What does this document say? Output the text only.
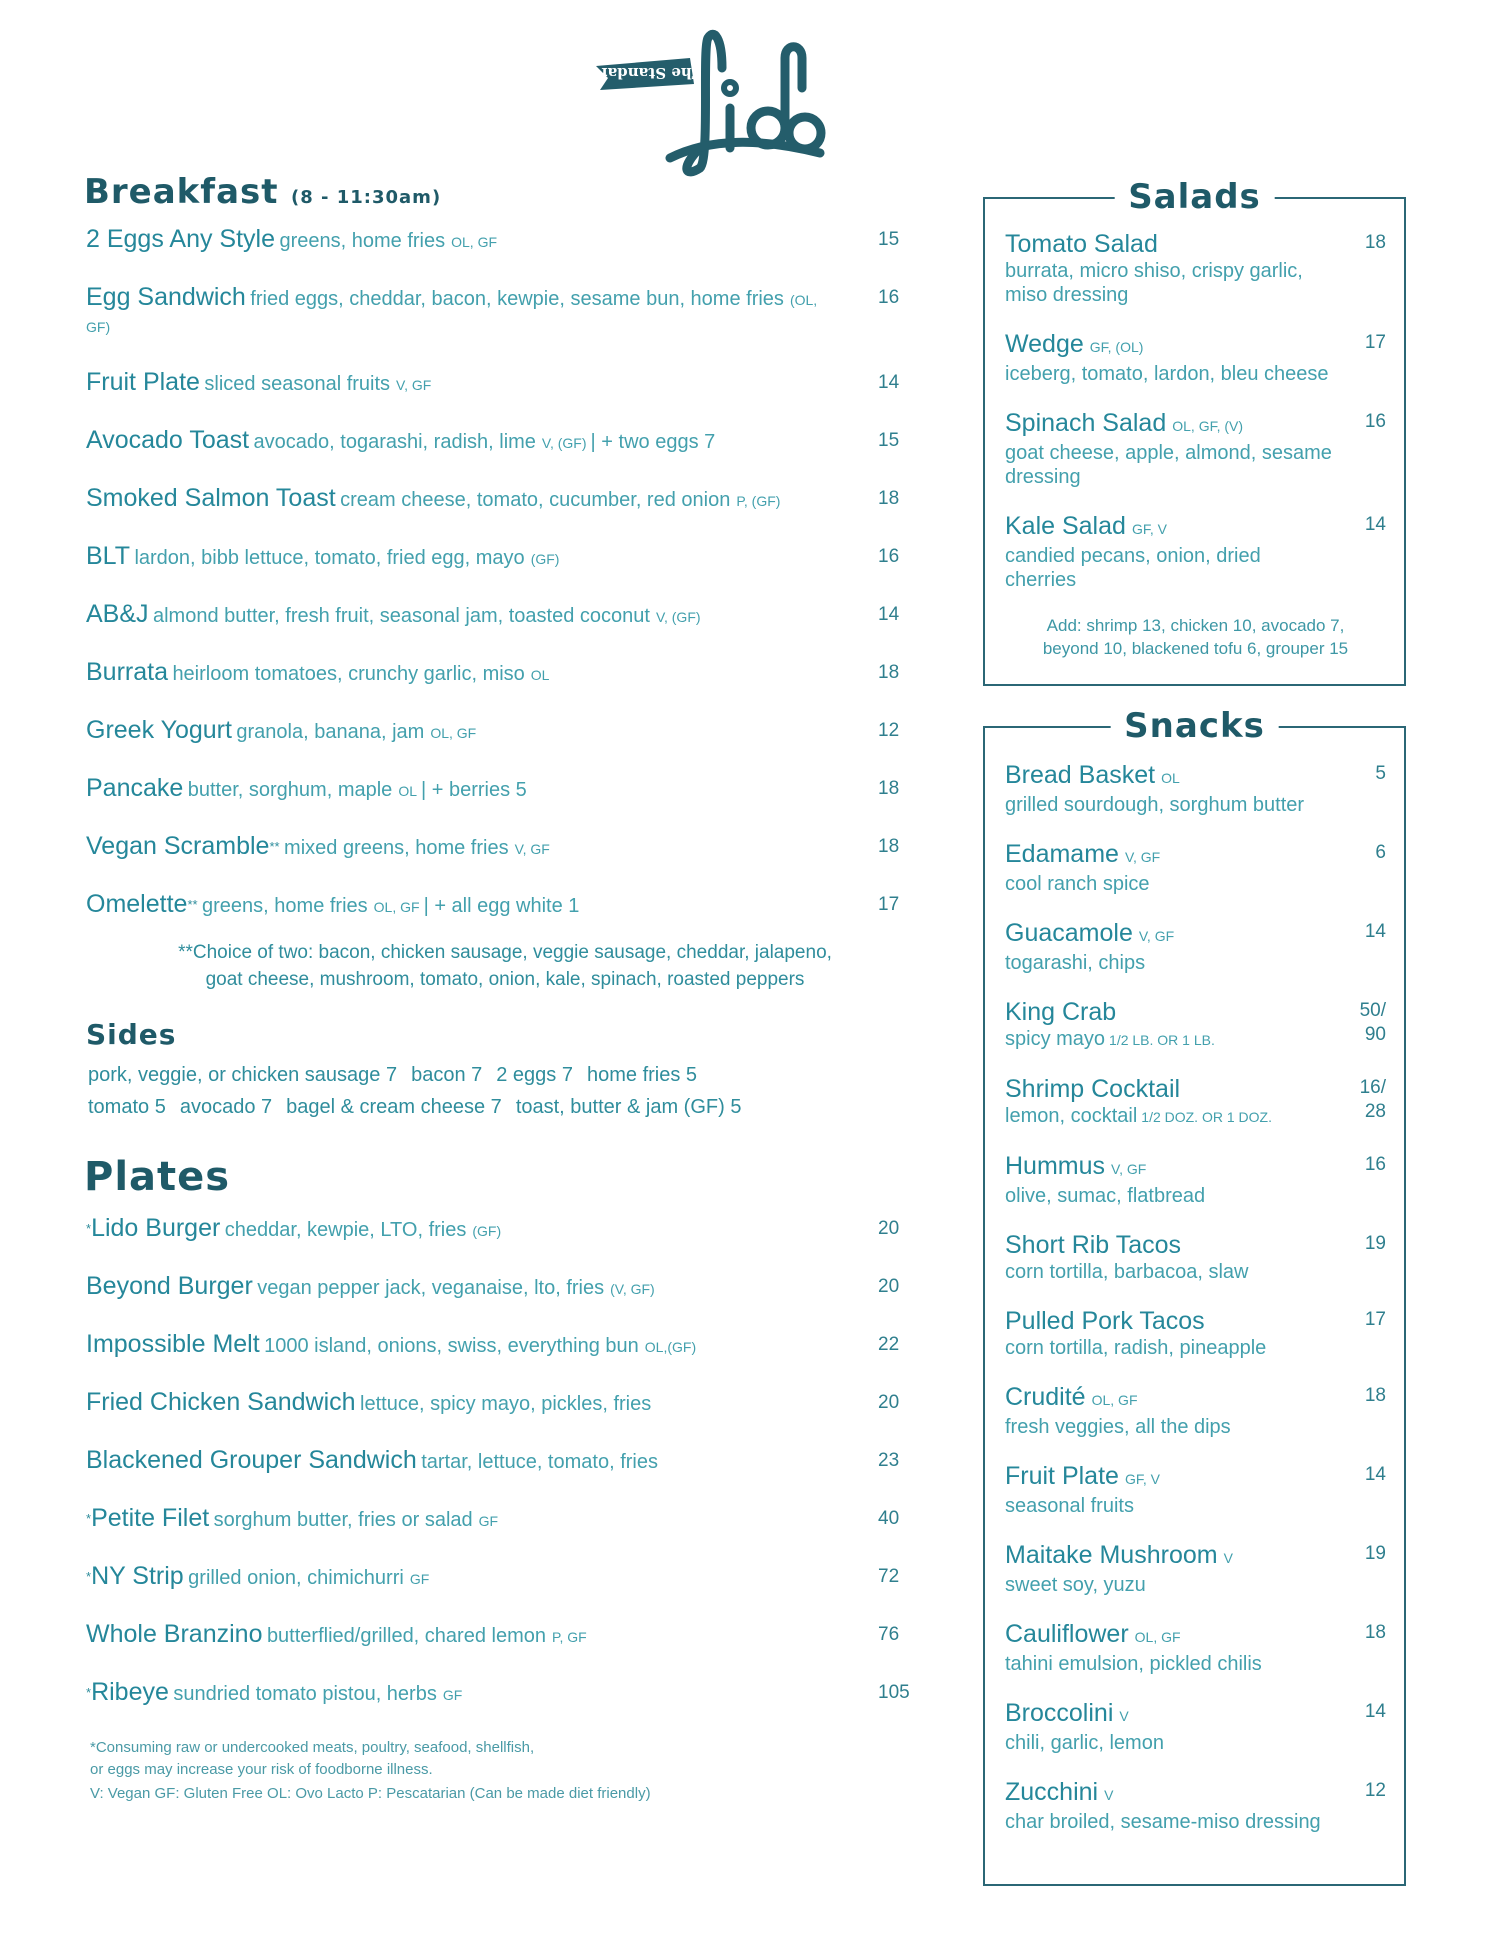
The Standard
Breakfast (8 - 11:30am)
2 Eggs Any Style greens, home fries OL, GF	15
Egg Sandwich fried eggs, cheddar, bacon, kewpie, sesame bun, home fries (OL, GF)
16
Fruit Plate sliced seasonal fruits V, GF	14
Avocado Toast avocado, togarashi, radish, lime V, (GF) | + two eggs 7	15
Smoked Salmon Toast cream cheese, tomato, cucumber, red onion P, (GF)	18
BLT lardon, bibb lettuce, tomato, fried egg, mayo (GF)	16
AB&J almond butter, fresh fruit, seasonal jam, toasted coconut V, (GF)	14
Burrata heirloom tomatoes, crunchy garlic, miso OL	18
Greek Yogurt granola, banana, jam OL, GF	12
Pancake butter, sorghum, maple OL | + berries 5	18
Vegan Scramble** mixed greens, home fries V, GF	18
Omelette** greens, home fries OL, GF | + all egg white 1	17
**Choice of two: bacon, chicken sausage, veggie sausage, cheddar, jalapeno,
goat cheese, mushroom, tomato, onion, kale, spinach, roasted peppers
Sides
pork, veggie, or chicken sausage 7 bacon 7 2 eggs 7 home fries 5
tomato 5 avocado 7 bagel & cream cheese 7 toast, butter & jam (GF) 5
Plates
*Lido Burger cheddar, kewpie, LTO, fries (GF)	20
Beyond Burger vegan pepper jack, veganaise, lto, fries (V, GF)	20
Impossible Melt 1000 island, onions, swiss, everything bun OL,(GF)	22
Fried Chicken Sandwich lettuce, spicy mayo, pickles, fries	20
Blackened Grouper Sandwich tartar, lettuce, tomato, fries	23
*Petite Filet sorghum butter, fries or salad GF	40
*NY Strip grilled onion, chimichurri GF	72
Whole Branzino butterflied/grilled, chared lemon P, GF	76
*Ribeye sundried tomato pistou, herbs GF	105
*Consuming raw or undercooked meats, poultry, seafood, shellfish,
or eggs may increase your risk of foodborne illness.
V: Vegan GF: Gluten Free OL: Ovo Lacto P: Pescatarian (Can be made diet friendly)
Salads
Tomato Salad
burrata, micro shiso, crispy garlic, miso dressing
18
Wedge GF, (OL)
iceberg, tomato, lardon, bleu cheese
17
Spinach Salad OL, GF, (V)
goat cheese, apple, almond, sesame dressing
16
Kale Salad GF, V
candied pecans, onion, dried cherries
14
Add: shrimp 13, chicken 10, avocado 7,
beyond 10, blackened tofu 6, grouper 15
Snacks
Bread Basket OL
grilled sourdough, sorghum butter
5
Edamame V, GF
cool ranch spice
6
Guacamole V, GF
togarashi, chips
14
King Crab
spicy mayo 1/2 LB. OR 1 LB.
50/
90
Shrimp Cocktail
lemon, cocktail 1/2 DOZ. OR 1 DOZ.
16/
28
Hummus V, GF
olive, sumac, flatbread
16
Short Rib Tacos
corn tortilla, barbacoa, slaw
19
Pulled Pork Tacos
corn tortilla, radish, pineapple
17
Crudité OL, GF
fresh veggies, all the dips
18
Fruit Plate GF, V
seasonal fruits
14
Maitake Mushroom V
sweet soy, yuzu
19
Cauliflower OL, GF
tahini emulsion, pickled chilis
18
Broccolini V
chili, garlic, lemon
14
Zucchini V
char broiled, sesame-miso dressing
12
